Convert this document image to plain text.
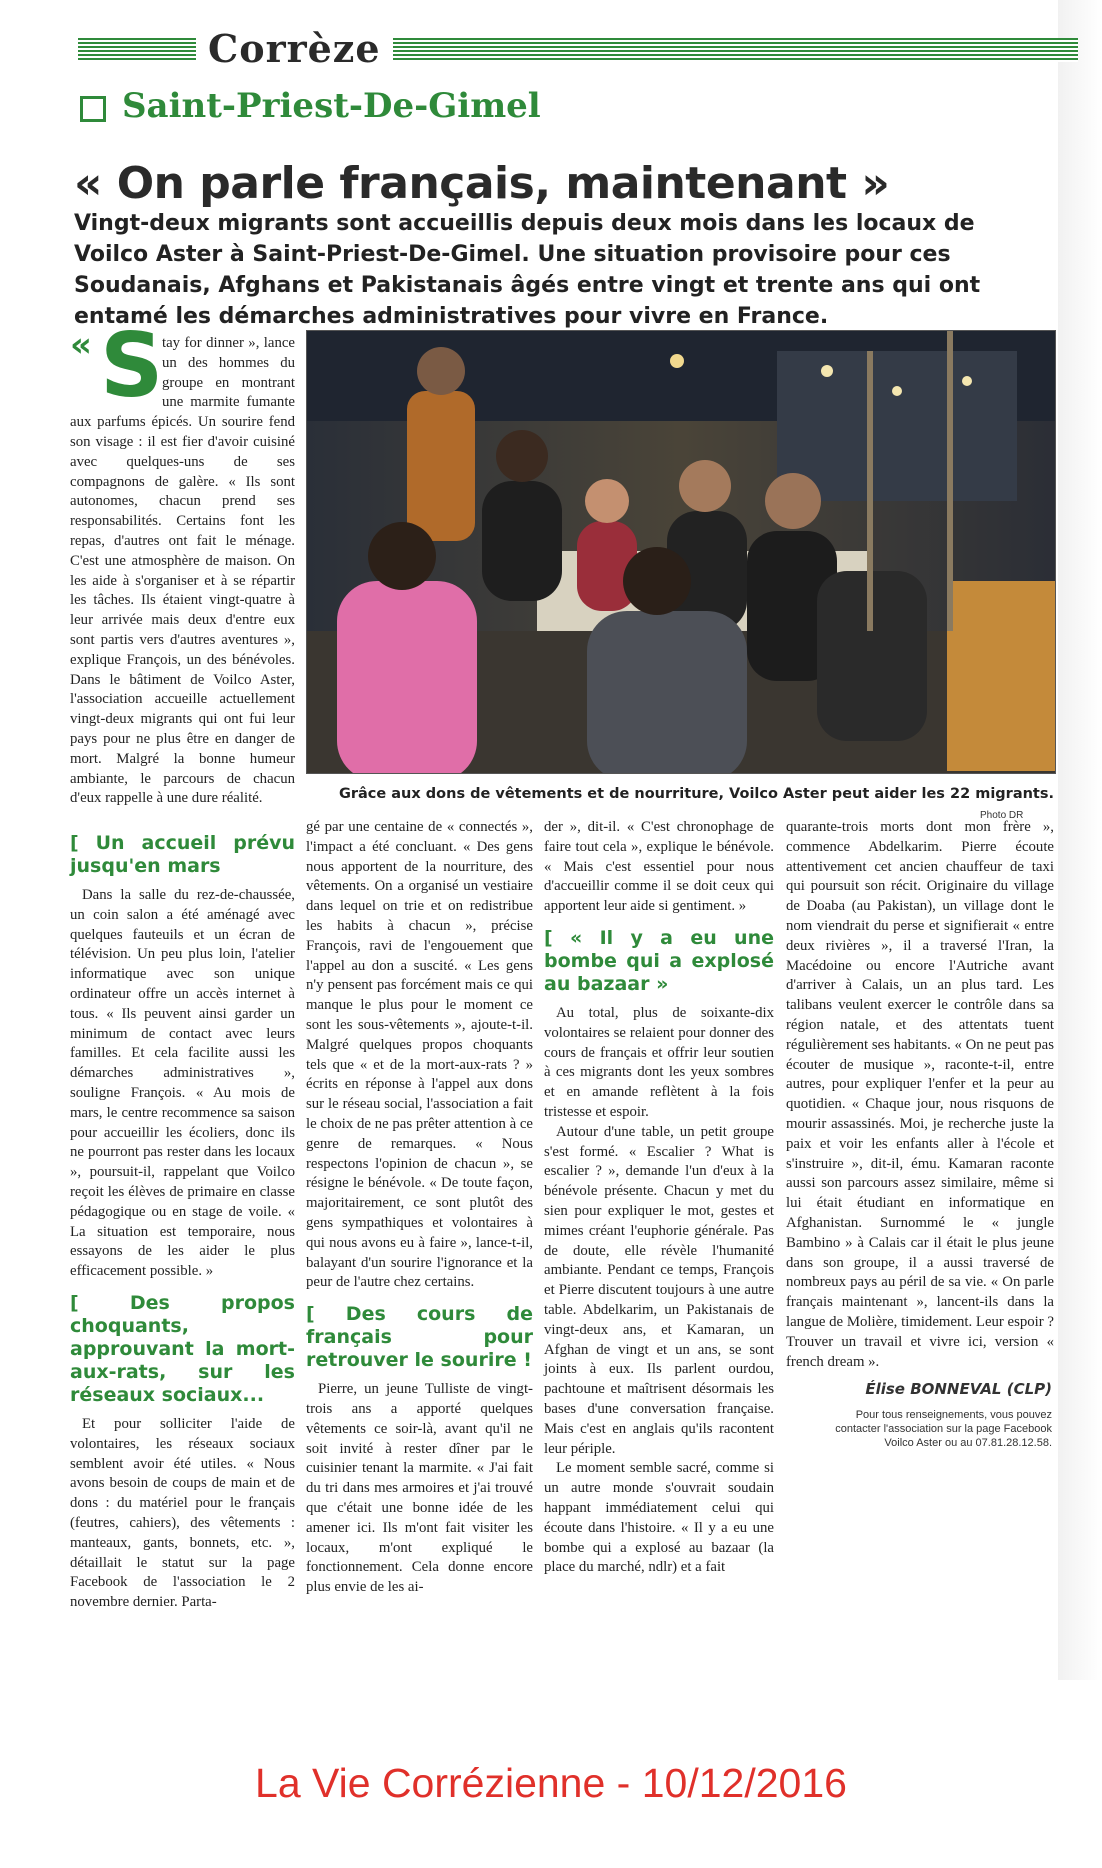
Corrèze
Saint-Priest-De-Gimel
« On parle français, maintenant »
Vingt-deux migrants sont accueillis depuis deux mois dans les locaux de Voilco Aster à Saint-Priest-De-Gimel. Une situation provisoire pour ces Soudanais, Afghans et Pakistanais âgés entre vingt et trente ans qui ont entamé les démarches administratives pour vivre en France.
Grâce aux dons de vêtements et de nourriture, Voilco Aster peut aider les 22 migrants.
Photo DR
« S
tay for dinner », lance un des hommes du groupe en montrant une marmite fumante aux parfums épicés. Un sourire fend son visage : il est fier d'avoir cuisiné avec quelques-uns de ses compagnons de galère. « Ils sont autonomes, chacun prend ses responsabilités. Certains font les repas, d'autres ont fait le ménage. C'est une atmosphère de maison. On les aide à s'organiser et à se répartir les tâches. Ils étaient vingt-quatre à leur arrivée mais deux d'entre eux sont partis vers d'autres aventures », explique François, un des bénévoles. Dans le bâtiment de Voilco Aster, l'association accueille actuellement vingt-deux migrants qui ont fui leur pays pour ne plus être en danger de mort. Malgré la bonne humeur ambiante, le parcours de chacun d'eux rappelle à une dure réalité.
[ Un accueil prévu jusqu'en mars

Dans la salle du rez-de-chaussée, un coin salon a été aménagé avec quelques fauteuils et un écran de télévision. Un peu plus loin, l'atelier informatique avec son unique ordinateur offre un accès internet à tous. « Ils peuvent ainsi garder un minimum de contact avec leurs familles. Et cela facilite aussi les démarches administratives », souligne François. « Au mois de mars, le centre recommence sa saison pour accueillir les écoliers, donc ils ne pourront pas rester dans les locaux », poursuit-il, rappelant que Voilco reçoit les élèves de primaire en classe pédagogique ou en stage de voile. « La situation est temporaire, nous essayons de les aider le plus efficacement possible. »

[ Des propos choquants, approuvant la mort-aux-rats, sur les réseaux sociaux...

Et pour solliciter l'aide de volontaires, les réseaux sociaux semblent avoir été utiles. « Nous avons besoin de coups de main et de dons : du matériel pour le français (feutres, cahiers), des vêtements : manteaux, gants, bonnets, etc. », détaillait le statut sur la page Facebook de l'association le 2 novembre dernier. Parta-

gé par une centaine de « connectés », l'impact a été concluant. « Des gens nous apportent de la nourriture, des vêtements. On a organisé un vestiaire dans lequel on trie et on redistribue les habits à chacun », précise François, ravi de l'engouement que l'appel au don a suscité. « Les gens n'y pensent pas forcément mais ce qui manque le plus pour le moment ce sont les sous-vêtements », ajoute-t-il. Malgré quelques propos choquants tels que « et de la mort-aux-rats ? » écrits en réponse à l'appel aux dons sur le réseau social, l'association a fait le choix de ne pas prêter attention à ce genre de remarques. « Nous respectons l'opinion de chacun », se résigne le bénévole. « De toute façon, majoritairement, ce sont plutôt des gens sympathiques et volontaires à qui nous avons eu à faire », lance-t-il, balayant d'un sourire l'ignorance et la peur de l'autre chez certains.

[ Des cours de français pour retrouver le sourire !

Pierre, un jeune Tulliste de vingt-trois ans a apporté quelques vêtements ce soir-là, avant qu'il ne soit invité à rester dîner par le cuisinier tenant la marmite. « J'ai fait du tri dans mes armoires et j'ai trouvé que c'était une bonne idée de les amener ici. Ils m'ont fait visiter les locaux, m'ont expliqué le fonctionnement. Cela donne encore plus envie de les ai-

der », dit-il. « C'est chronophage de faire tout cela », explique le bénévole. « Mais c'est essentiel pour nous d'accueillir comme il se doit ceux qui apportent leur aide si gentiment. »

[ « Il y a eu une bombe qui a explosé au bazaar »

Au total, plus de soixante-dix volontaires se relaient pour donner des cours de français et offrir leur soutien à ces migrants dont les yeux sombres et en amande reflètent à la fois tristesse et espoir.

Autour d'une table, un petit groupe s'est formé. « Escalier ? What is escalier ? », demande l'un d'eux à la bénévole présente. Chacun y met du sien pour expliquer le mot, gestes et mimes créant l'euphorie générale. Pas de doute, elle révèle l'humanité ambiante. Pendant ce temps, François et Pierre discutent toujours à une autre table. Abdelkarim, un Pakistanais de vingt-deux ans, et Kamaran, un Afghan de vingt et un ans, se sont joints à eux. Ils parlent ourdou, pachtoune et maîtrisent désormais les bases d'une conversation française. Mais c'est en anglais qu'ils racontent leur périple.

Le moment semble sacré, comme si un autre monde s'ouvrait soudain happant immédiatement celui qui écoute dans l'histoire. « Il y a eu une bombe qui a explosé au bazaar (la place du marché, ndlr) et a fait

quarante-trois morts dont mon frère », commence Abdelkarim. Pierre écoute attentivement cet ancien chauffeur de taxi qui poursuit son récit. Originaire du village de Doaba (au Pakistan), un village dont le nom viendrait du perse et signifierait « entre deux rivières », il a traversé l'Iran, la Macédoine ou encore l'Autriche avant d'arriver à Calais, un an plus tard. Les talibans veulent exercer le contrôle dans sa région natale, et des attentats tuent régulièrement ses habitants. « On ne peut pas écouter de musique », raconte-t-il, entre autres, pour expliquer l'enfer et la peur au quotidien. « Chaque jour, nous risquons de mourir assassinés. Moi, je recherche juste la paix et voir les enfants aller à l'école et s'instruire », dit-il, ému. Kamaran raconte aussi son parcours assez similaire, même si lui était étudiant en informatique en Afghanistan. Surnommé le « jungle Bambino » à Calais car il était le plus jeune dans son groupe, il a aussi traversé de nombreux pays au péril de sa vie. « On parle français maintenant », lancent-ils dans la langue de Molière, timidement. Leur espoir ? Trouver un travail et vivre ici, version « french dream ».

Élise BONNEVAL (CLP)
Pour tous renseignements, vous pouvez contacter l'association sur la page Facebook Voilco Aster ou au 07.81.28.12.58.
La Vie Corrézienne - 10/12/2016
